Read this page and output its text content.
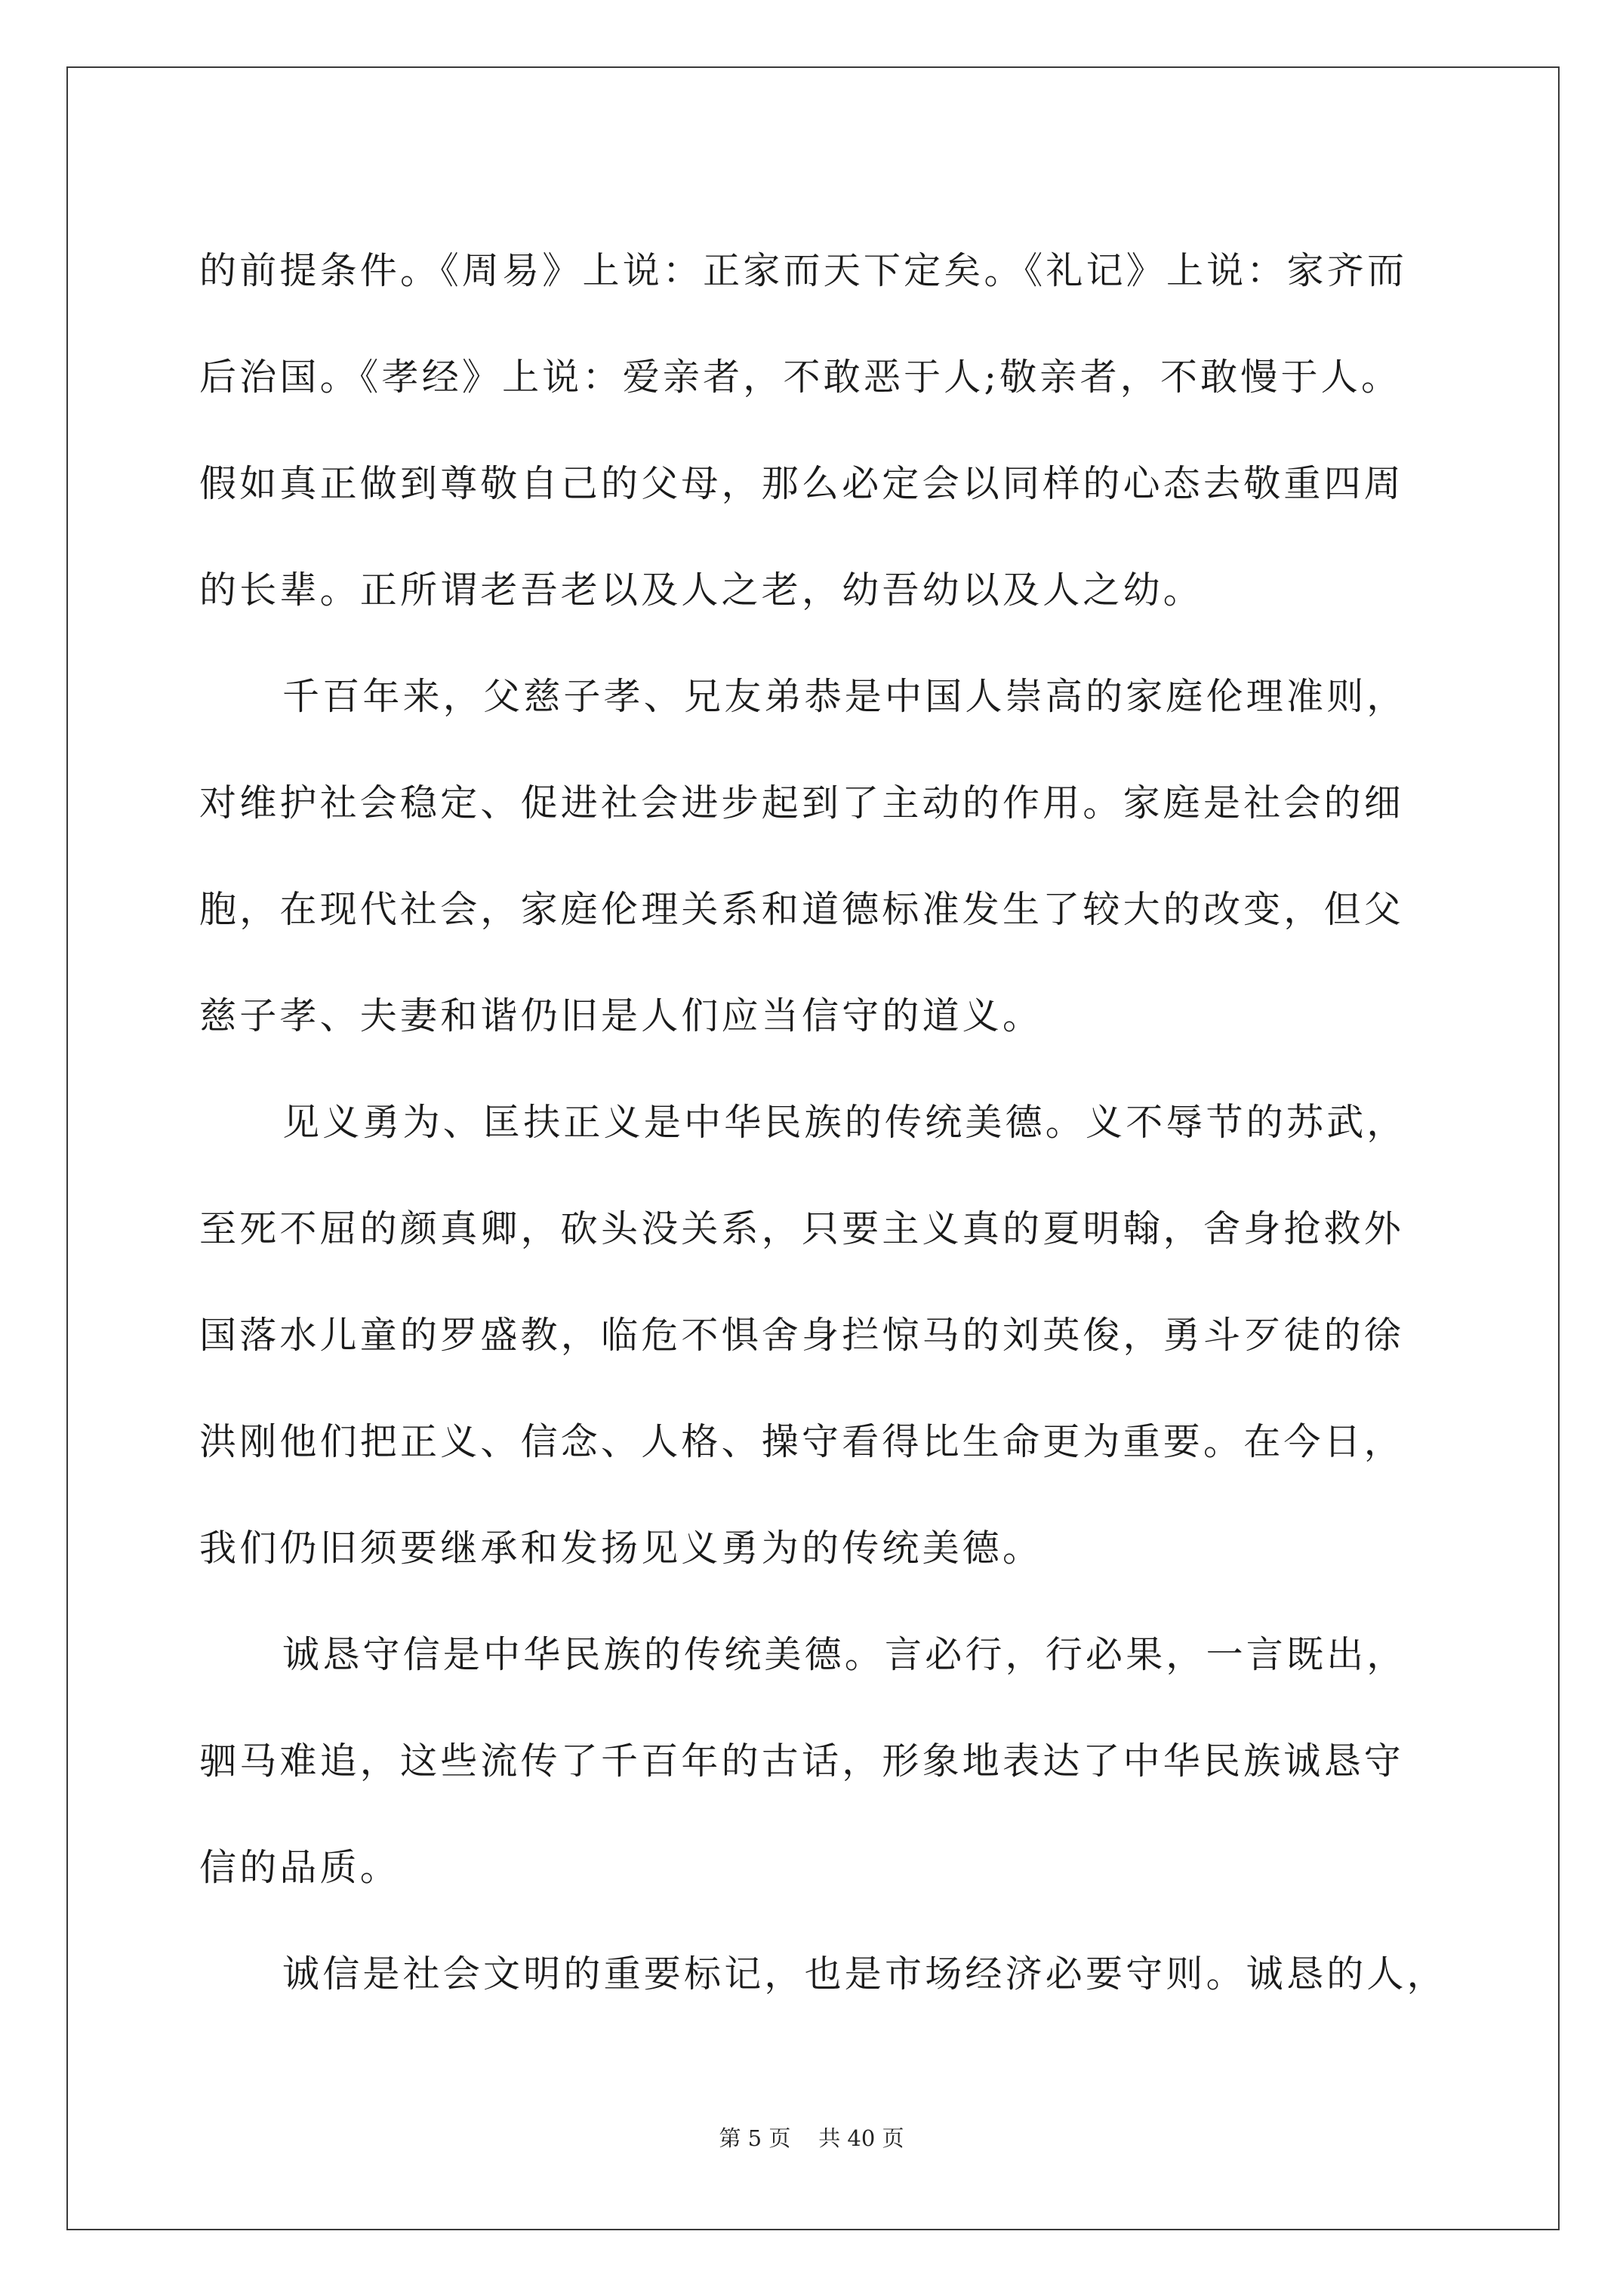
的前提条件。《周易》上说：正家而天下定矣。《礼记》上说：家齐而
后治国。《孝经》上说：爱亲者，不敢恶于人;敬亲者，不敢慢于人。
假如真正做到尊敬自己的父母，那么必定会以同样的心态去敬重四周
的长辈。正所谓老吾老以及人之老，幼吾幼以及人之幼。
千百年来，父慈子孝、兄友弟恭是中国人崇高的家庭伦理准则，
对维护社会稳定、促进社会进步起到了主动的作用。家庭是社会的细
胞，在现代社会，家庭伦理关系和道德标准发生了较大的改变，但父
慈子孝、夫妻和谐仍旧是人们应当信守的道义。
见义勇为、匡扶正义是中华民族的传统美德。义不辱节的苏武，
至死不屈的颜真卿，砍头没关系，只要主义真的夏明翰，舍身抢救外
国落水儿童的罗盛教，临危不惧舍身拦惊马的刘英俊，勇斗歹徒的徐
洪刚他们把正义、信念、人格、操守看得比生命更为重要。在今日，
我们仍旧须要继承和发扬见义勇为的传统美德。
诚恳守信是中华民族的传统美德。言必行，行必果，一言既出，
驷马难追，这些流传了千百年的古话，形象地表达了中华民族诚恳守
信的品质。
诚信是社会文明的重要标记，也是市场经济必要守则。诚恳的人，
第 5 页    共 40 页
